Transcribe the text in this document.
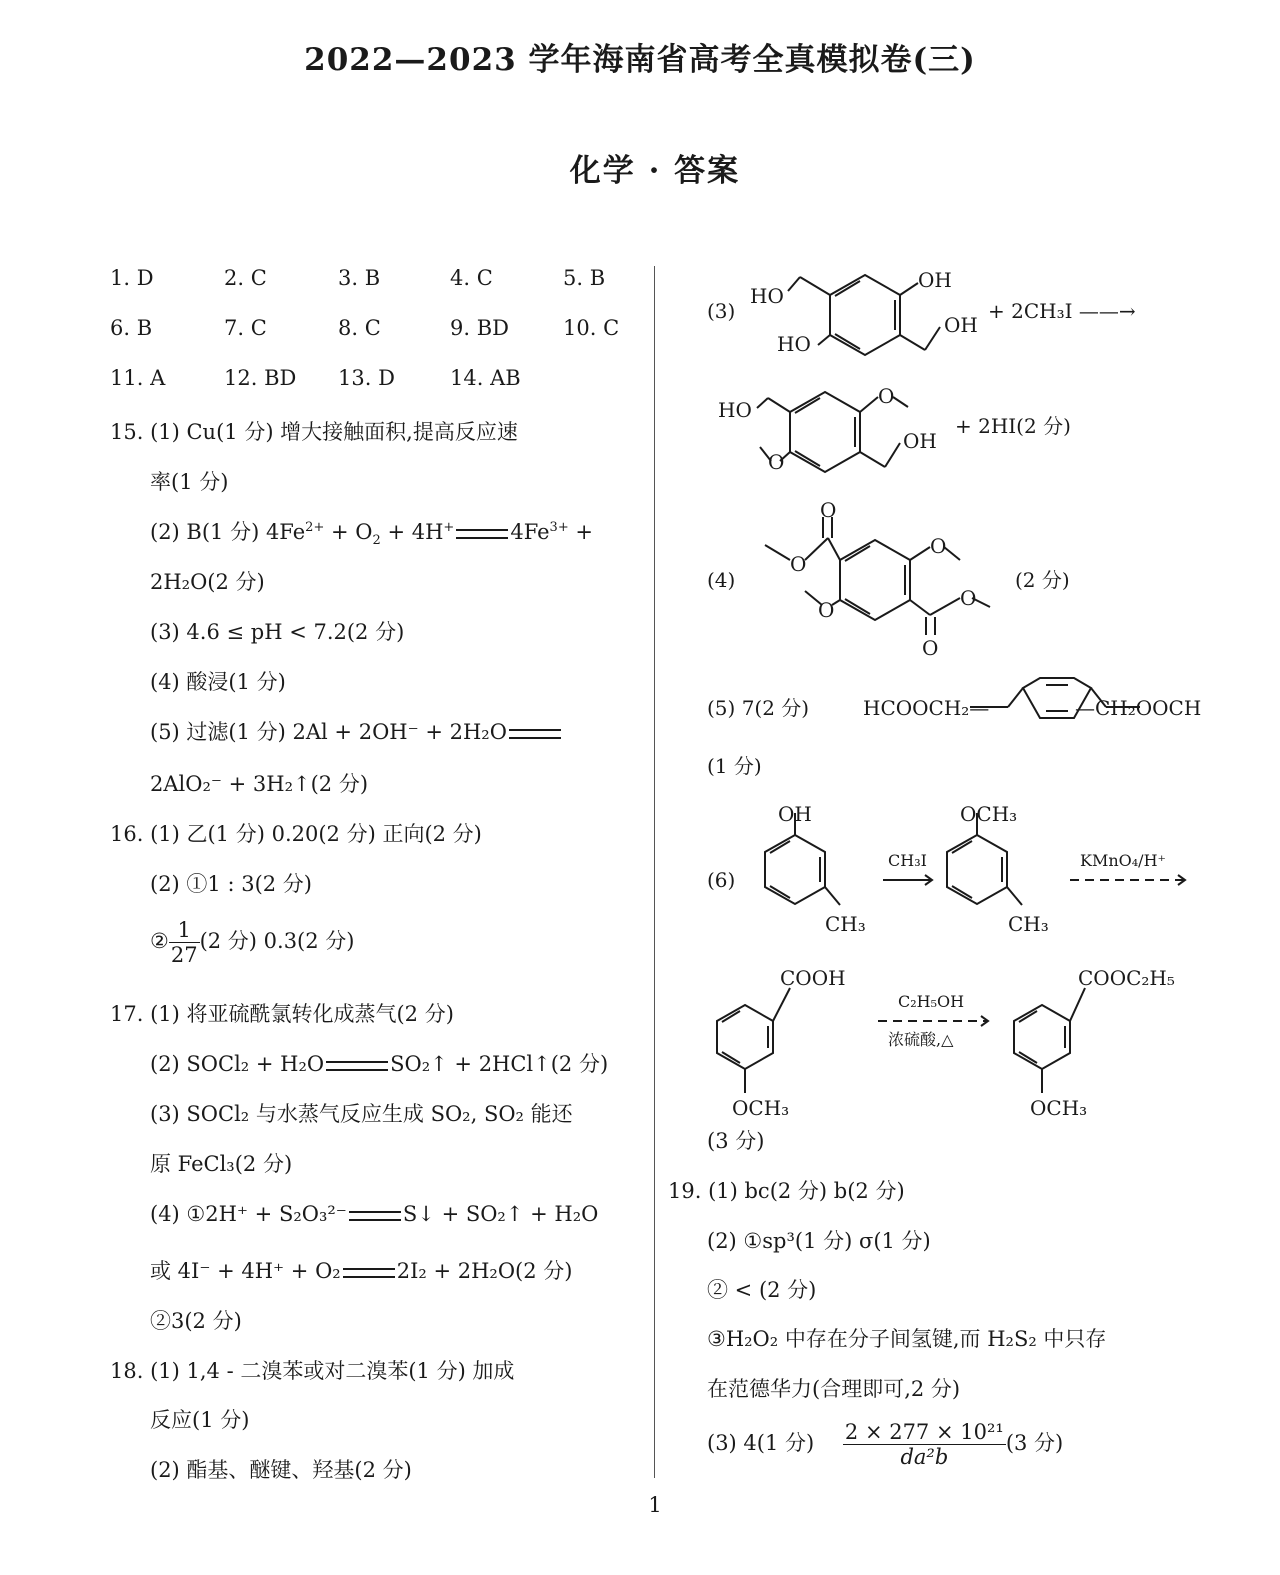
2022—2023 学年海南省高考全真模拟卷(三)
化学 · 答案
1. D	2. C	3. B	4. C	5. B
6. B	7. C	8. C	9. BD	10. C
11. A	12. BD 13. D	14. AB
15. (1) Cu(1 分) 增大接触面积,提高反应速
率(1 分)
(2) B(1 分) $4Fe^{2+} + O_2 + 4H^+$	$4Fe^{3+}$ +
2H₂O(2 分)
(3) 4.6 ≤ pH < 7.2(2 分)
(4) 酸浸(1 分)
(5) 过滤(1 分) 2Al + 2OH⁻ + 2H₂O
2AlO₂⁻ + 3H₂↑(2 分)
16. (1) 乙(1 分) 0.20(2 分) 正向(2 分)
(2) ①1 : 3(2 分)
② $\frac{1}{27} (2$ 分) 0.3(2 分)
17. (1) 将亚硫酰氯转化成蒸气(2 分)
(2) SOCl₂ + H₂O	SO₂↑ + 2HCl↑(2 分)
(3) SOCl₂ 与水蒸气反应生成 SO₂, SO₂ 能还
原 FeCl₃(2 分)
(4) ①2H⁺ + S₂O₃²⁻	S↓ + SO₂↑ + H₂O
或 4I⁻ + 4H⁺ + O₂	2I₂ + 2H₂O(2 分)
②3(2 分)
18. (1) 1,4 - 二溴苯或对二溴苯(1 分) 加成
反应(1 分)
(2) 酯基、醚键、羟基(2 分)
(3)
HO
OH
OH
HO
+ 2CH₃I ——→
HO
O
OH
O
+ 2HI(2 分)
(4)
O
O
O
O
O
O
(2 分)
(5) 7(2 分)	HCOOCH₂—	—CH₂OOCH
(1 分)
(6)
OH
CH₃
OCH₃
CH₃
CH₃I	KMnO₄/H⁺
COOH
OCH₃
C₂H₅OH
浓硫酸,△
COOC₂H₅
OCH₃
(3 分)
19. (1) bc(2 分) b(2 分)
(2) ①sp³(1 分) σ(1 分)
② < (2 分)
③H₂O₂ 中存在分子间氢键,而 H₂S₂ 中只存
在范德华力(合理即可,2 分)
(3) 4(1 分) $\frac{\text{2 × 277 × 10²¹}}{\text{da²b}} (3$ 分)
1
